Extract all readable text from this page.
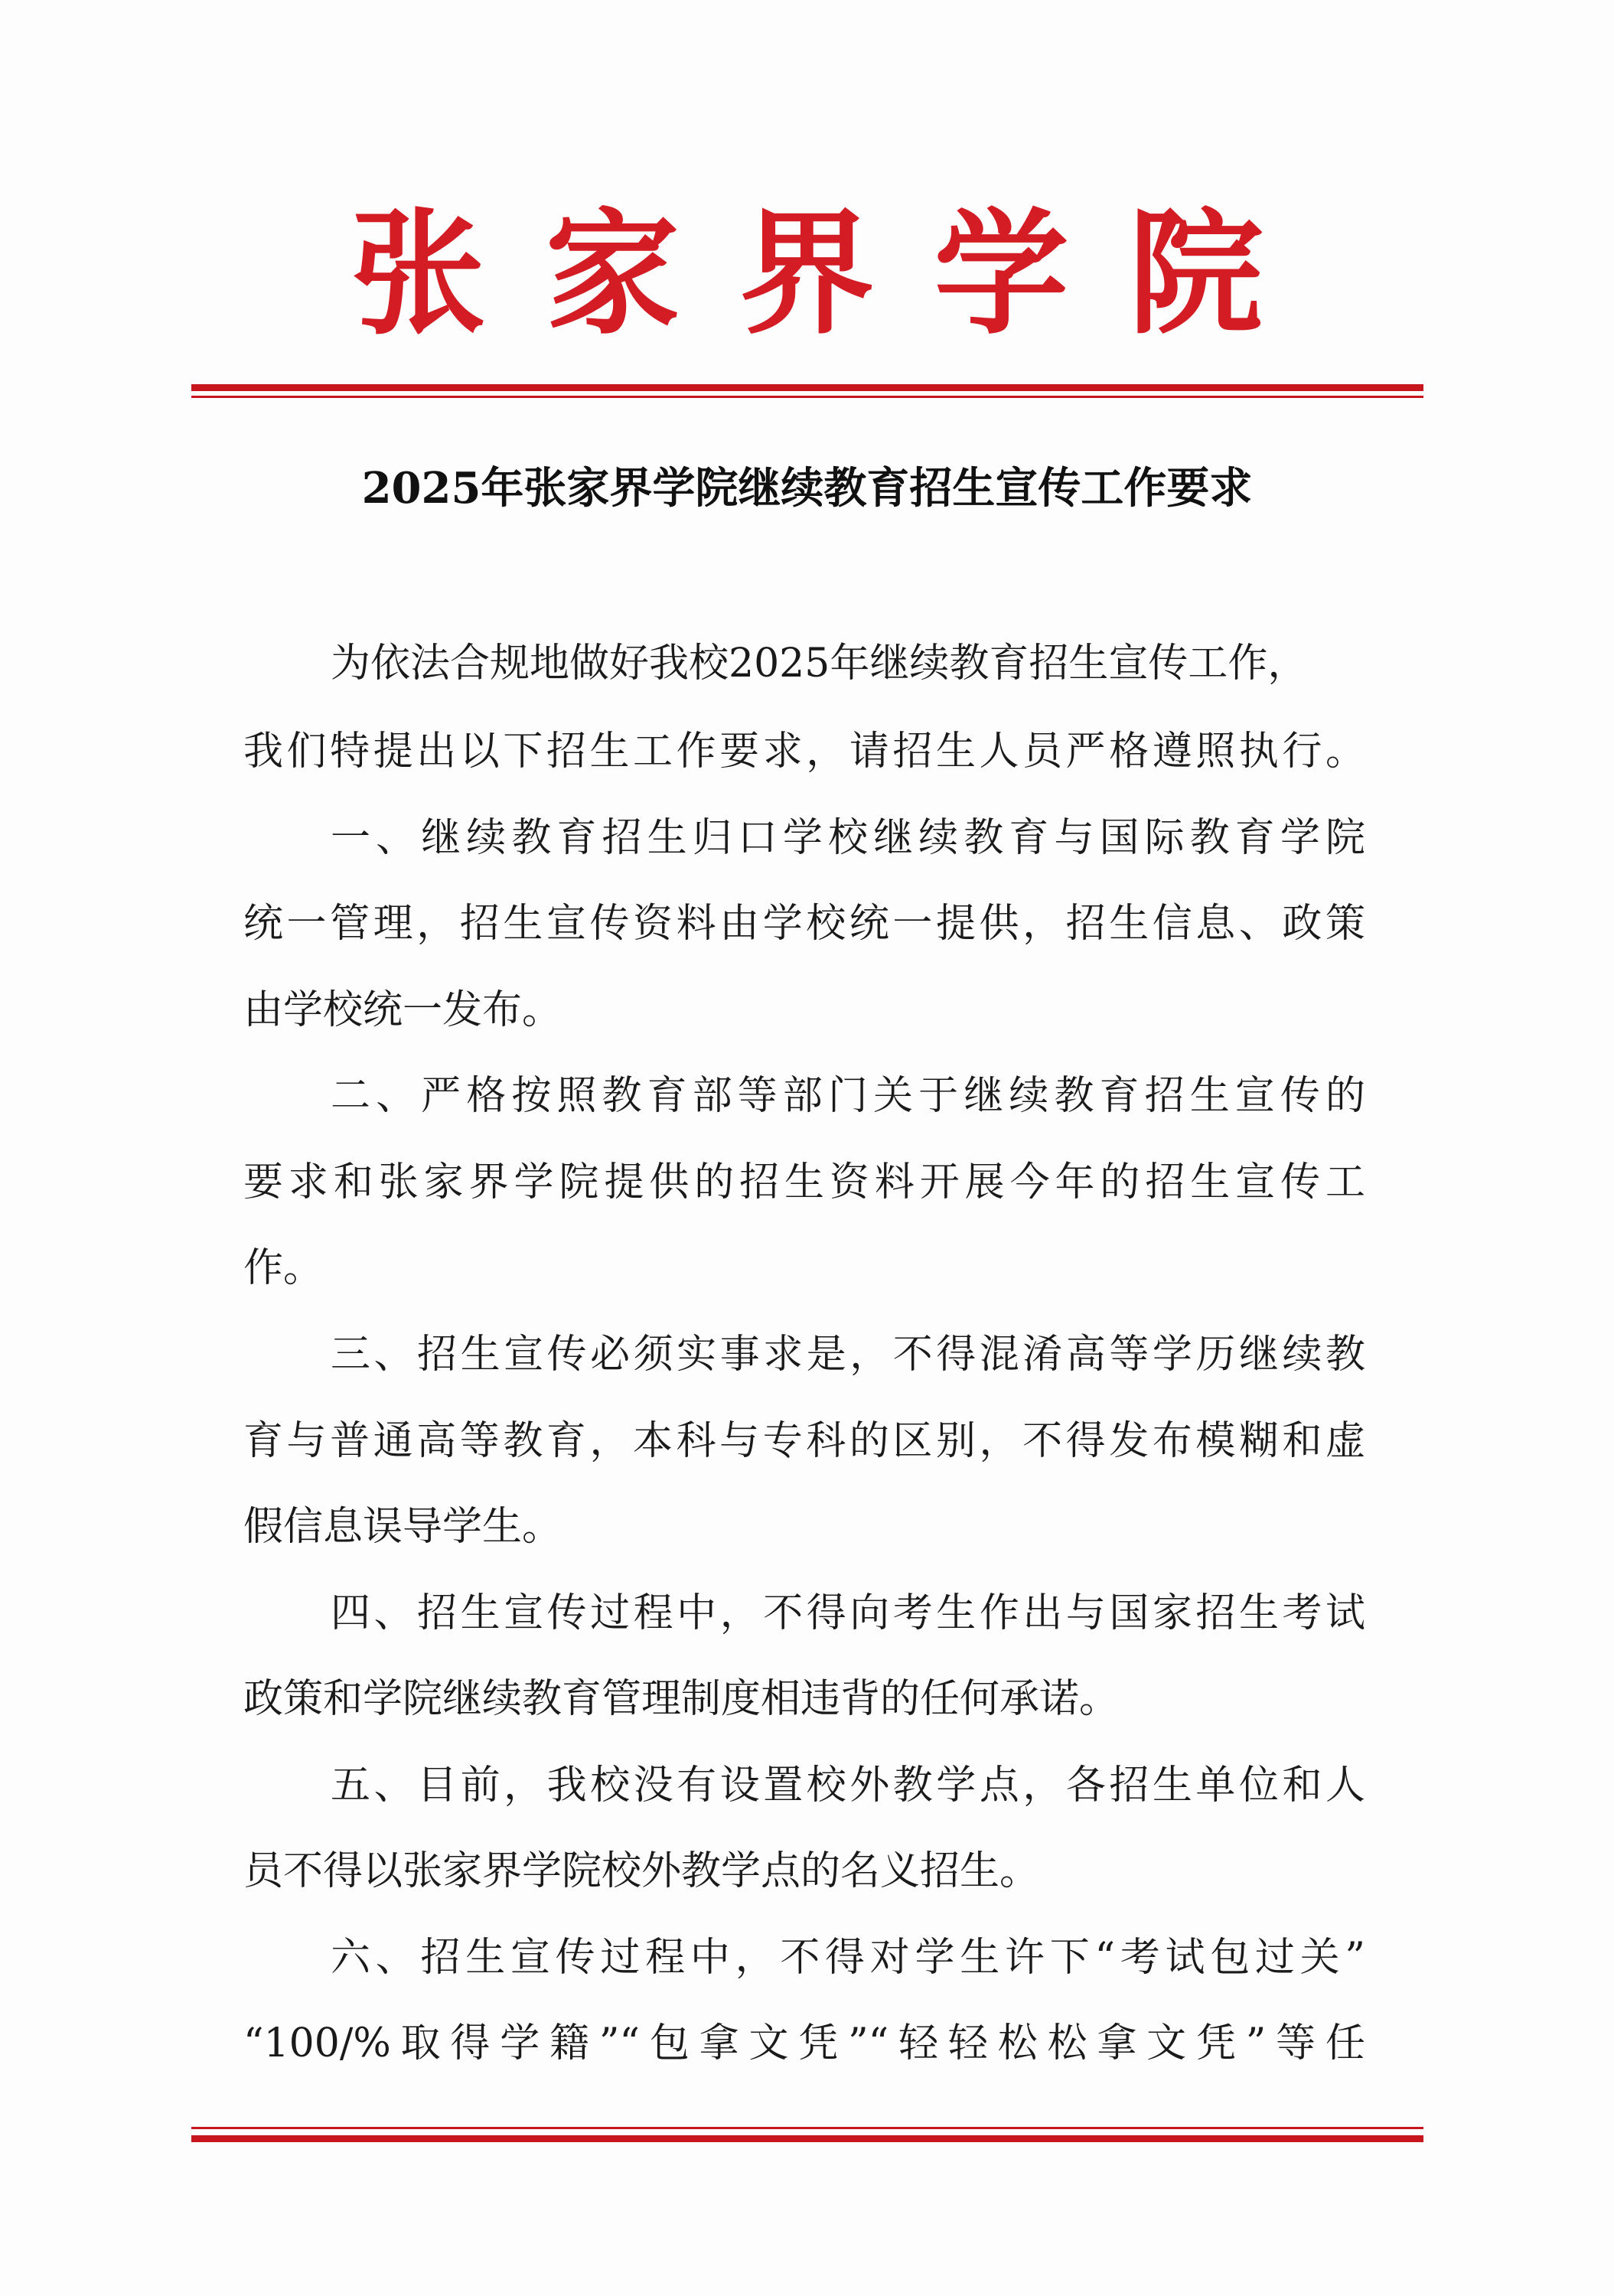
张家界学院
2025年张家界学院继续教育招生宣传工作要求
为依法合规地做好我校2025年继续教育招生宣传工作，
我们特提出以下招生工作要求，请招生人员严格遵照执行。
一、继续教育招生归口学校继续教育与国际教育学院
统一管理，招生宣传资料由学校统一提供，招生信息、政策
由学校统一发布。
二、严格按照教育部等部门关于继续教育招生宣传的
要求和张家界学院提供的招生资料开展今年的招生宣传工
作。
三、招生宣传必须实事求是，不得混淆高等学历继续教
育与普通高等教育，本科与专科的区别，不得发布模糊和虚
假信息误导学生。
四、招生宣传过程中，不得向考生作出与国家招生考试
政策和学院继续教育管理制度相违背的任何承诺。
五、目前，我校没有设置校外教学点，各招生单位和人
员不得以张家界学院校外教学点的名义招生。
六、招生宣传过程中，不得对学生许下“考试包过关”
“100/%取得学籍”“包拿文凭”“轻轻松松拿文凭”等任
